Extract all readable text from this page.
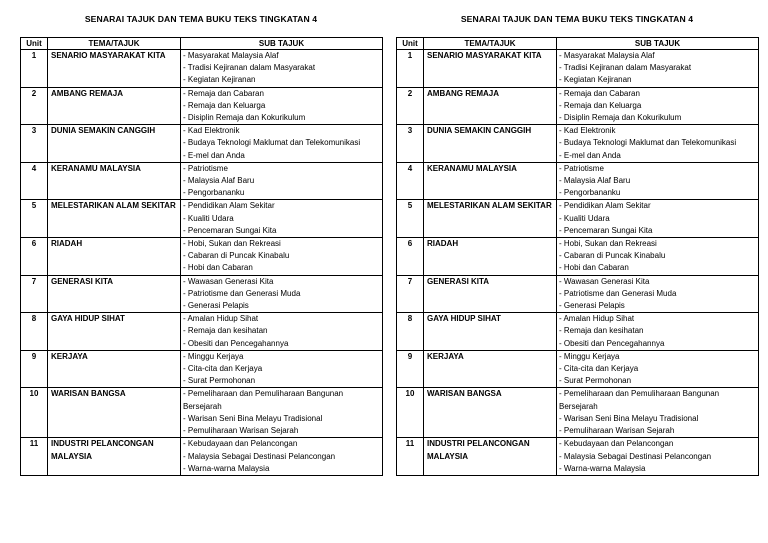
SENARAI TAJUK DAN TEMA BUKU TEKS TINGKATAN 4
Unit	TEMA/TAJUK	SUB TAJUK
1	SENARIO MASYARAKAT KITA	- Masyarakat Malaysia Alaf
- Tradisi Kejiranan dalam Masyarakat
- Kegiatan Kejiranan

2	AMBANG REMAJA	- Remaja dan Cabaran
- Remaja dan Keluarga
- Disiplin Remaja dan Kokurikulum

3	DUNIA SEMAKIN CANGGIH	- Kad Elektronik
- Budaya Teknologi Maklumat dan Telekomunikasi
- E-mel dan Anda

4	KERANAMU MALAYSIA	- Patriotisme
- Malaysia Alaf Baru
- Pengorbananku

5	MELESTARIKAN ALAM SEKITAR	- Pendidikan Alam Sekitar
- Kualiti Udara
- Pencemaran Sungai Kita

6	RIADAH	- Hobi, Sukan dan Rekreasi
- Cabaran di Puncak Kinabalu
- Hobi dan Cabaran

7	GENERASI KITA	- Wawasan Generasi Kita
- Patriotisme dan Generasi Muda
- Generasi Pelapis

8	GAYA HIDUP SIHAT	- Amalan Hidup Sihat
- Remaja dan kesihatan
- Obesiti dan Pencegahannya

9	KERJAYA	- Minggu Kerjaya
- Cita-cita dan Kerjaya
- Surat Permohonan

10	WARISAN BANGSA	- Pemeliharaan dan Pemuliharaan Bangunan Bersejarah
- Warisan Seni Bina Melayu Tradisional
- Pemuliharaan Warisan Sejarah

11	INDUSTRI PELANCONGAN MALAYSIA	- Kebudayaan dan Pelancongan
- Malaysia Sebagai Destinasi Pelancongan
- Warna-warna Malaysia
SENARAI TAJUK DAN TEMA BUKU TEKS TINGKATAN 4
Unit	TEMA/TAJUK	SUB TAJUK
1	SENARIO MASYARAKAT KITA	- Masyarakat Malaysia Alaf
- Tradisi Kejiranan dalam Masyarakat
- Kegiatan Kejiranan

2	AMBANG REMAJA	- Remaja dan Cabaran
- Remaja dan Keluarga
- Disiplin Remaja dan Kokurikulum

3	DUNIA SEMAKIN CANGGIH	- Kad Elektronik
- Budaya Teknologi Maklumat dan Telekomunikasi
- E-mel dan Anda

4	KERANAMU MALAYSIA	- Patriotisme
- Malaysia Alaf Baru
- Pengorbananku

5	MELESTARIKAN ALAM SEKITAR	- Pendidikan Alam Sekitar
- Kualiti Udara
- Pencemaran Sungai Kita

6	RIADAH	- Hobi, Sukan dan Rekreasi
- Cabaran di Puncak Kinabalu
- Hobi dan Cabaran

7	GENERASI KITA	- Wawasan Generasi Kita
- Patriotisme dan Generasi Muda
- Generasi Pelapis

8	GAYA HIDUP SIHAT	- Amalan Hidup Sihat
- Remaja dan kesihatan
- Obesiti dan Pencegahannya

9	KERJAYA	- Minggu Kerjaya
- Cita-cita dan Kerjaya
- Surat Permohonan

10	WARISAN BANGSA	- Pemeliharaan dan Pemuliharaan Bangunan Bersejarah
- Warisan Seni Bina Melayu Tradisional
- Pemuliharaan Warisan Sejarah

11	INDUSTRI PELANCONGAN MALAYSIA	- Kebudayaan dan Pelancongan
- Malaysia Sebagai Destinasi Pelancongan
- Warna-warna Malaysia
